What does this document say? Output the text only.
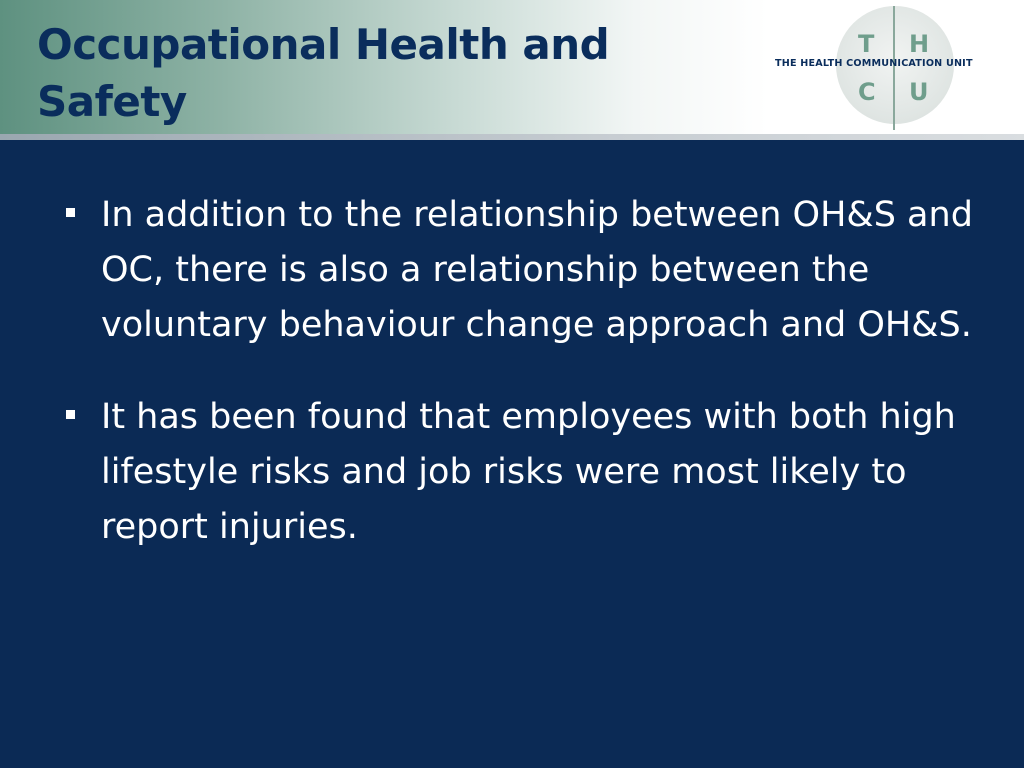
Occupational Health and Safety
T H
C U

THE HEALTH COMMUNICATION UNIT

In addition to the relationship between OH&S and OC, there is also a relationship between the voluntary behaviour change approach and OH&S.
It has been found that employees with both high lifestyle risks and job risks were most likely to report injuries.
